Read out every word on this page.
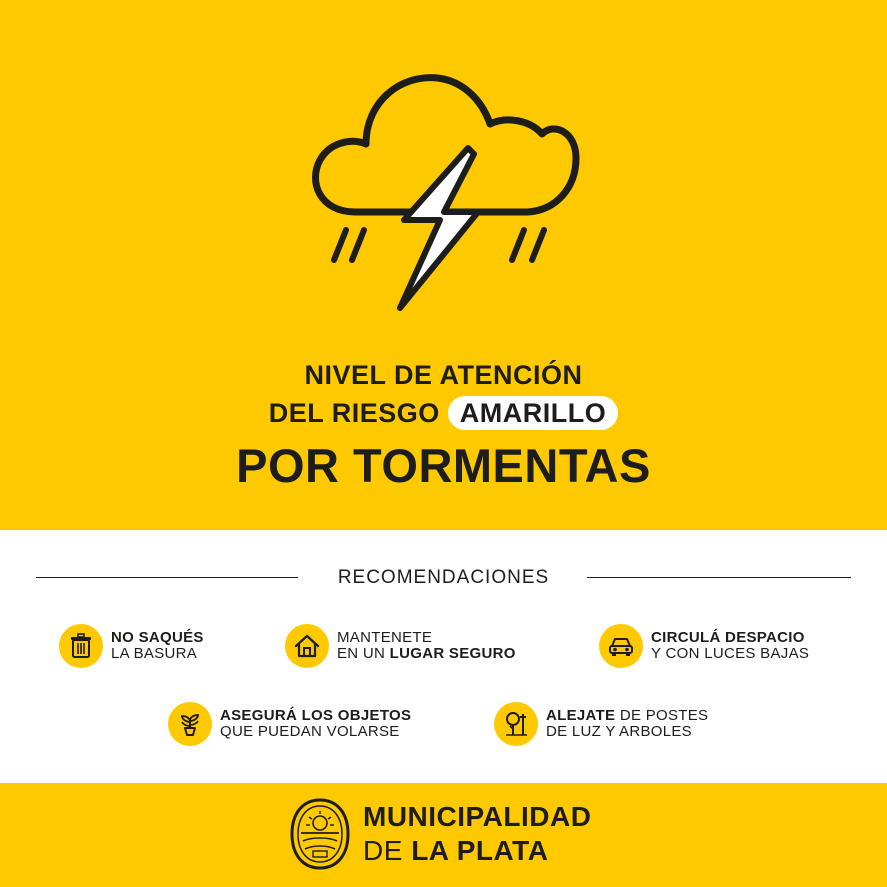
NIVEL DE ATENCIÓN
DEL RIESGO AMARILLO
POR TORMENTAS
RECOMENDACIONES
NO SAQUÉS
LA BASURA
MANTENETE
EN UN LUGAR SEGURO
CIRCULÁ DESPACIO
Y CON LUCES BAJAS
ASEGURÁ LOS OBJETOS
QUE PUEDAN VOLARSE
ALEJATE DE POSTES
DE LUZ Y ARBOLES
MUNICIPALIDAD
DE LA PLATA
